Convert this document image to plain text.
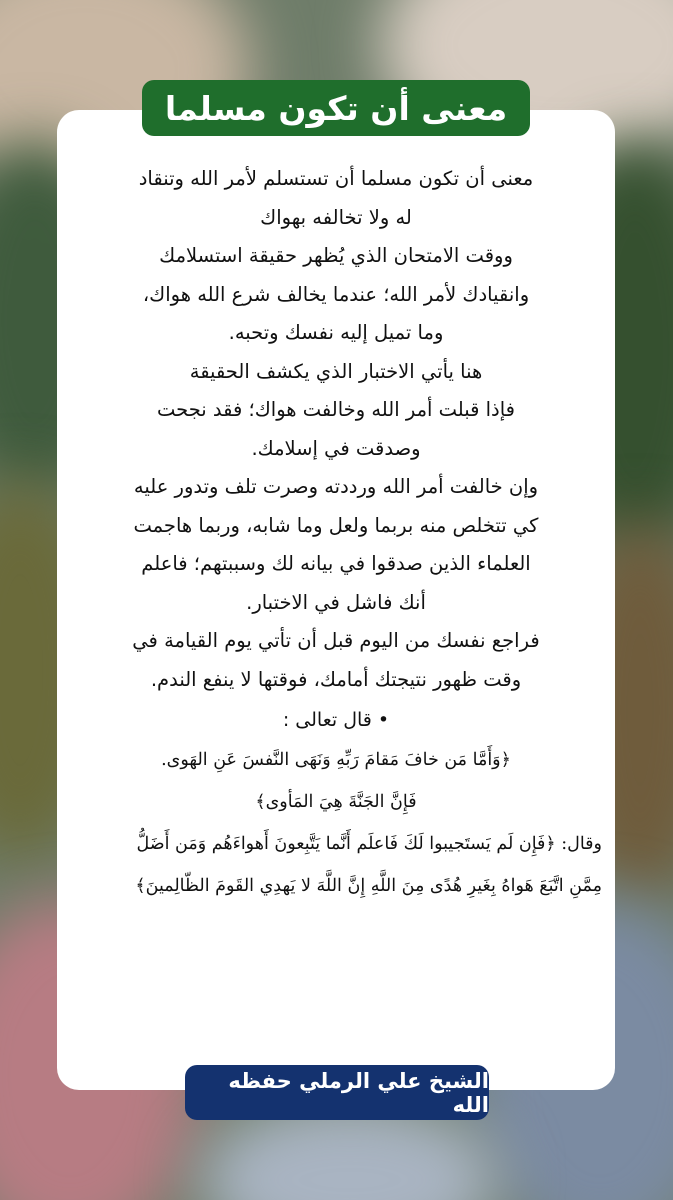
معنى أن تكون مسلما
معنى أن تكون مسلما أن تستسلم لأمر الله وتنقاد
له ولا تخالفه بهواك
ووقت الامتحان الذي يُظهر حقيقة استسلامك
وانقيادك لأمر الله؛ عندما يخالف شرع الله هواك،
وما تميل إليه نفسك وتحبه.
هنا يأتي الاختبار الذي يكشف الحقيقة
فإذا قبلت أمر الله وخالفت هواك؛ فقد نجحت
وصدقت في إسلامك.
وإن خالفت أمر الله ورددته وصرت تلف وتدور عليه
كي تتخلص منه بربما ولعل وما شابه، وربما هاجمت
العلماء الذين صدقوا في بيانه لك وسببتهم؛ فاعلم
أنك فاشل في الاختبار.
فراجع نفسك من اليوم قبل أن تأتي يوم القيامة في
وقت ظهور نتيجتك أمامك، فوقتها لا ينفع الندم.
• قال تعالى :
﴿وَأَمَّا مَن خافَ مَقامَ رَبِّهِ وَنَهَى النَّفسَ عَنِ الهَوى.
فَإِنَّ الجَنَّةَ هِيَ المَأوى﴾
وقال: ﴿فَإِن لَم يَستَجيبوا لَكَ فَاعلَم أَنَّما يَتَّبِعونَ أَهواءَهُم وَمَن أَضَلُّ
مِمَّنِ اتَّبَعَ هَواهُ بِغَيرِ هُدًى مِنَ اللَّهِ إِنَّ اللَّهَ لا يَهدِي القَومَ الظّالِمينَ﴾
الشيخ علي الرملي حفظه الله
